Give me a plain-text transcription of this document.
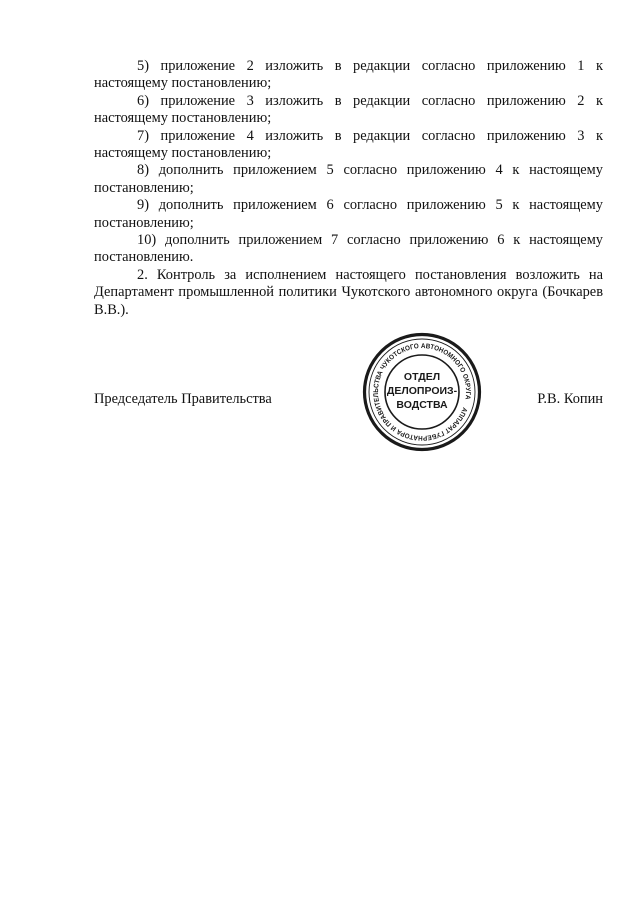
5) приложение 2 изложить в редакции согласно приложению 1 к настоящему постановлению;

6) приложение 3 изложить в редакции согласно приложению 2 к настоящему постановлению;

7) приложение 4 изложить в редакции согласно приложению 3 к настоящему постановлению;

8) дополнить приложением 5 согласно приложению 4 к настоящему постановлению;

9) дополнить приложением 6 согласно приложению 5 к настоящему постановлению;

10) дополнить приложением 7 согласно приложению 6 к настоящему постановлению.

2. Контроль за исполнением настоящего постановления возложить на Департамент промышленной политики Чукотского автономного округа (Бочкарев В.В.).

Председатель Правительства	Р.В. Копин
АППАРАТ ГУБЕРНАТОРА И ПРАВИТЕЛЬСТВА ЧУКОТСКОГО АВТОНОМНОГО ОКРУГА
ОТДЕЛ
ДЕЛОПРОИЗ-
ВОДСТВА
